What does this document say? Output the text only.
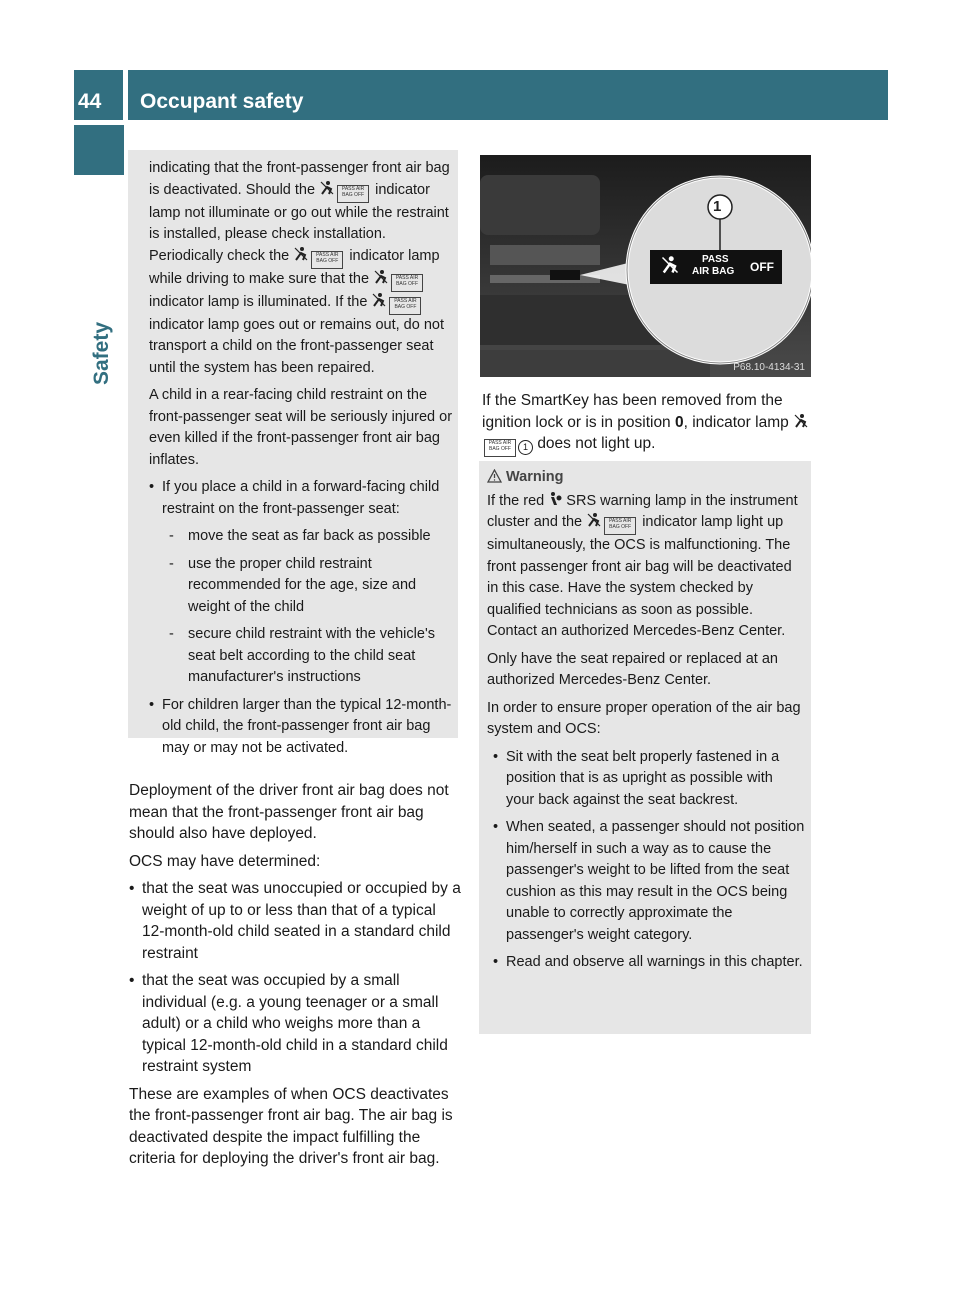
44 Occupant safety
Safety

indicating that the front-passenger front air bag is deactivated. Should the	PASS AIR BAG OFF indicator lamp not illuminate or go out while the restraint is installed, please check installation. Periodically check the	PASS AIR BAG OFF indicator lamp while driving to make sure that the	PASS AIR BAG OFF indicator lamp is illuminated. If the	PASS AIR BAG OFF indicator lamp goes out or remains out, do not transport a child on the front-passenger seat until the system has been repaired.

A child in a rear-facing child restraint on the front-passenger seat will be seriously injured or even killed if the front-passenger front air bag inflates.

• If you place a child in a forward-facing child restraint on the front-passenger seat:
- move the seat as far back as possible
- use the proper child restraint recommended for the age, size and weight of the child
- secure child restraint with the vehicle's seat belt according to the child seat manufacturer's instructions
• For children larger than the typical 12-month-old child, the front-passenger front air bag may or may not be activated.

Deployment of the driver front air bag does not mean that the front-passenger front air bag should also have deployed.

OCS may have determined:

• that the seat was unoccupied or occupied by a weight of up to or less than that of a typical 12-month-old child seated in a standard child restraint
• that the seat was occupied by a small individual (e.g. a young teenager or a small adult) or a child who weighs more than a typical 12-month-old child in a standard child restraint system

These are examples of when OCS deactivates the front-passenger front air bag. The air bag is deactivated despite the impact fulfilling the criteria for deploying the driver's front air bag.

1
PASS
AIR BAG OFF
P68.10-4134-31

If the SmartKey has been removed from the ignition lock or is in position 0, indicator lamp PASS AIR BAG OFF 1 does not light up.

Warning

If the red SRS warning lamp in the instrument cluster and the	PASS AIR BAG OFF indicator lamp light up simultaneously, the OCS is malfunctioning. The front passenger front air bag will be deactivated in this case. Have the system checked by qualified technicians as soon as possible. Contact an authorized Mercedes-Benz Center.

Only have the seat repaired or replaced at an authorized Mercedes-Benz Center.

In order to ensure proper operation of the air bag system and OCS:

• Sit with the seat belt properly fastened in a position that is as upright as possible with your back against the seat backrest.
• When seated, a passenger should not position him/herself in such a way as to cause the passenger's weight to be lifted from the seat cushion as this may result in the OCS being unable to correctly approximate the passenger's weight category.
• Read and observe all warnings in this chapter.
